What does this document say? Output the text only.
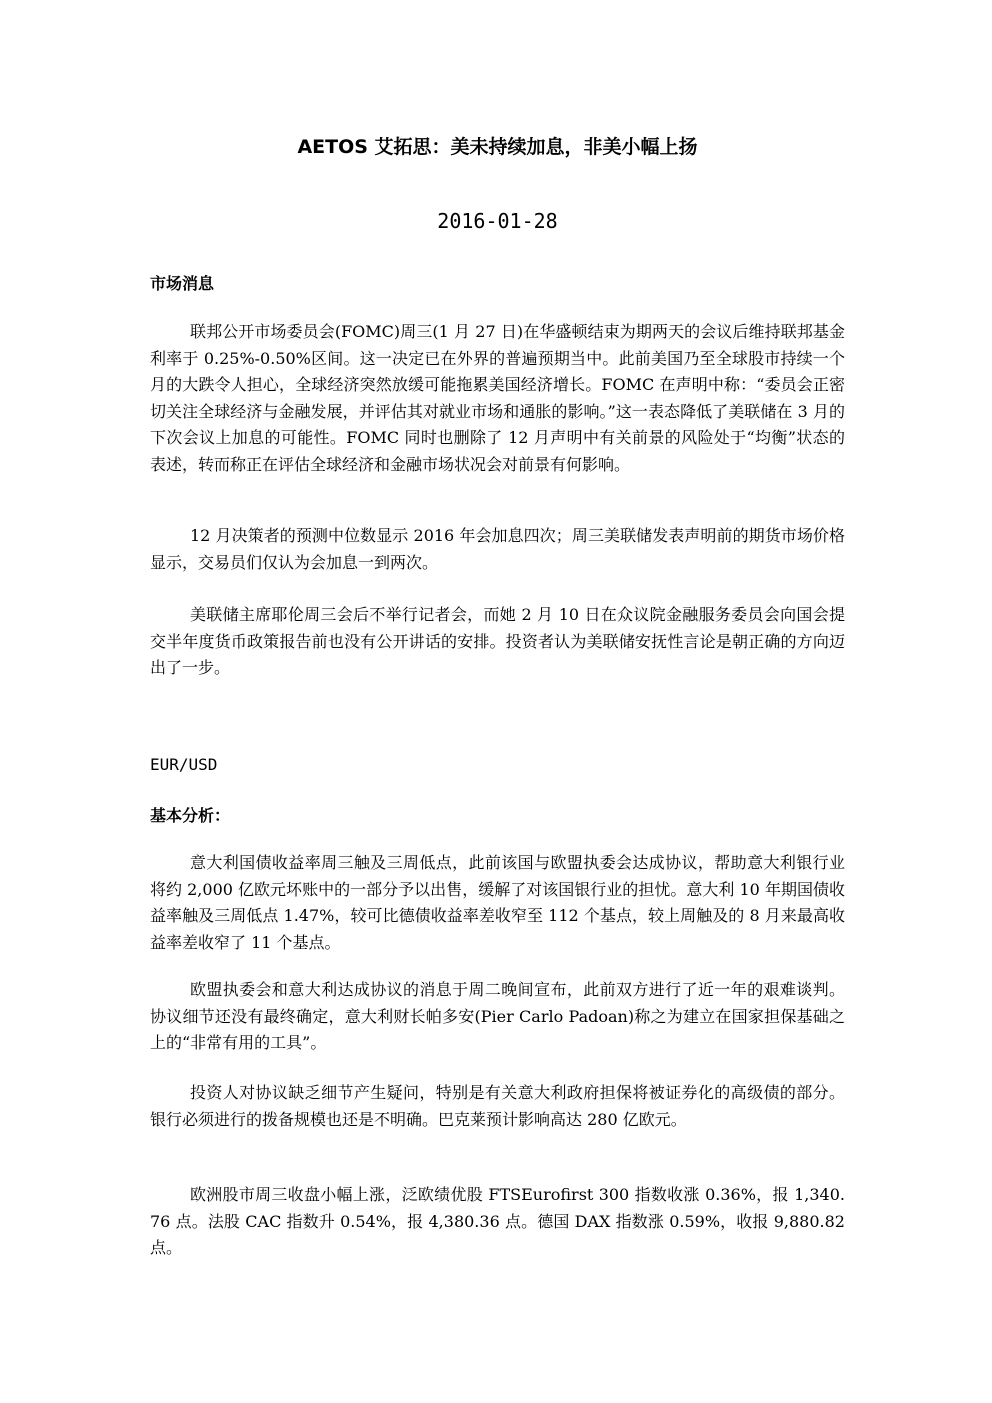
AETOS 艾拓思：美未持续加息，非美小幅上扬
2016-01-28
市场消息

联邦公开市场委员会(FOMC)周三(1 月 27 日)在华盛顿结束为期两天的会议后维持联邦基金利率于 0.25%-0.50%区间。这一决定已在外界的普遍预期当中。此前美国乃至全球股市持续一个月的大跌令人担心，全球经济突然放缓可能拖累美国经济增长。FOMC 在声明中称：“委员会正密切关注全球经济与金融发展，并评估其对就业市场和通胀的影响。”这一表态降低了美联储在 3 月的下次会议上加息的可能性。FOMC 同时也删除了 12 月声明中有关前景的风险处于“均衡”状态的表述，转而称正在评估全球经济和金融市场状况会对前景有何影响。

12 月决策者的预测中位数显示 2016 年会加息四次；周三美联储发表声明前的期货市场价格显示，交易员们仅认为会加息一到两次。

美联储主席耶伦周三会后不举行记者会，而她 2 月 10 日在众议院金融服务委员会向国会提交半年度货币政策报告前也没有公开讲话的安排。投资者认为美联储安抚性言论是朝正确的方向迈出了一步。

EUR/USD
基本分析：

意大利国债收益率周三触及三周低点，此前该国与欧盟执委会达成协议，帮助意大利银行业将约 2,000 亿欧元坏账中的一部分予以出售，缓解了对该国银行业的担忧。意大利 10 年期国债收益率触及三周低点 1.47%，较可比德债收益率差收窄至 112 个基点，较上周触及的 8 月来最高收益率差收窄了 11 个基点。

欧盟执委会和意大利达成协议的消息于周二晚间宣布，此前双方进行了近一年的艰难谈判。协议细节还没有最终确定，意大利财长帕多安(Pier Carlo Padoan)称之为建立在国家担保基础之上的“非常有用的工具”。

投资人对协议缺乏细节产生疑问，特别是有关意大利政府担保将被证券化的高级债的部分。银行必须进行的拨备规模也还是不明确。巴克莱预计影响高达 280 亿欧元。

欧洲股市周三收盘小幅上涨，泛欧绩优股 FTSEurofirst 300 指数收涨 0.36%，报 1,340.76 点。法股 CAC 指数升 0.54%，报 4,380.36 点。德国 DAX 指数涨 0.59%，收报 9,880.82 点。
